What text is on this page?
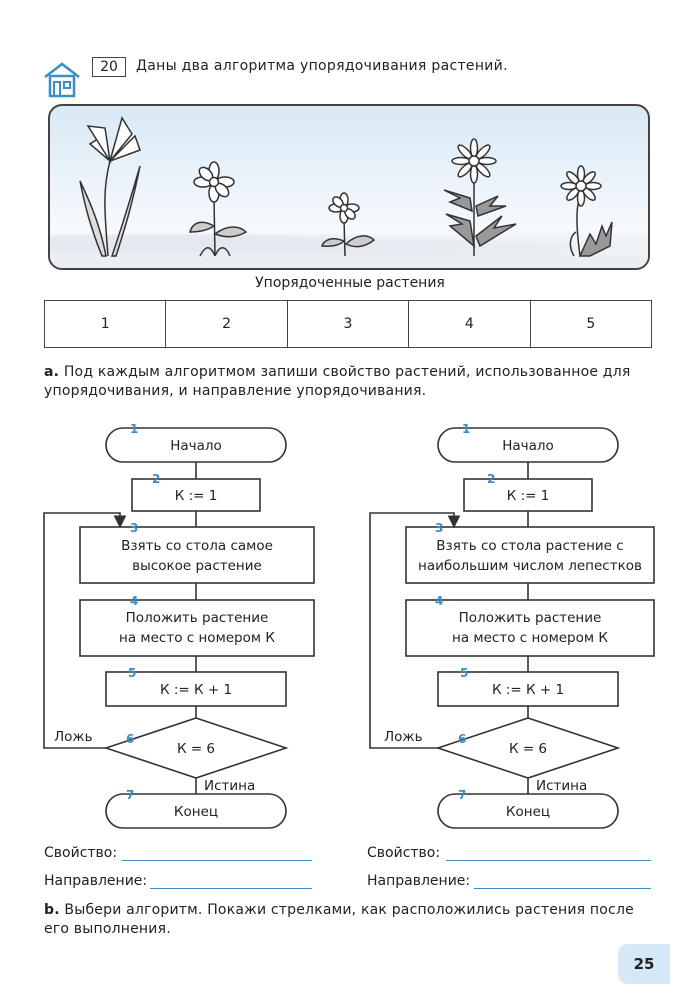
20	Даны два алгоритма упорядочивания растений.
Упорядоченные растения
1	2	3	4	5
a. Под каждым алгоритмом запиши свойство растений, использованное для упорядочивания, и направление упорядочивания.
Начало
К := 1
Взять со стола самое
высокое растение
Положить растение
на место с номером К
К := К + 1
К = 6
Конец
Ложь
Истина
1
2
3
4
5
6
7
Начало
К := 1
Взять со стола растение с
наибольшим числом лепестков
Положить растение
на место с номером К
К := К + 1
К = 6
Конец
Ложь
Истина
1
2
3
4
5
6
7
Свойство:
Направление:
Свойство:
Направление:
b. Выбери алгоритм. Покажи стрелками, как расположились растения после его выполнения.
25
